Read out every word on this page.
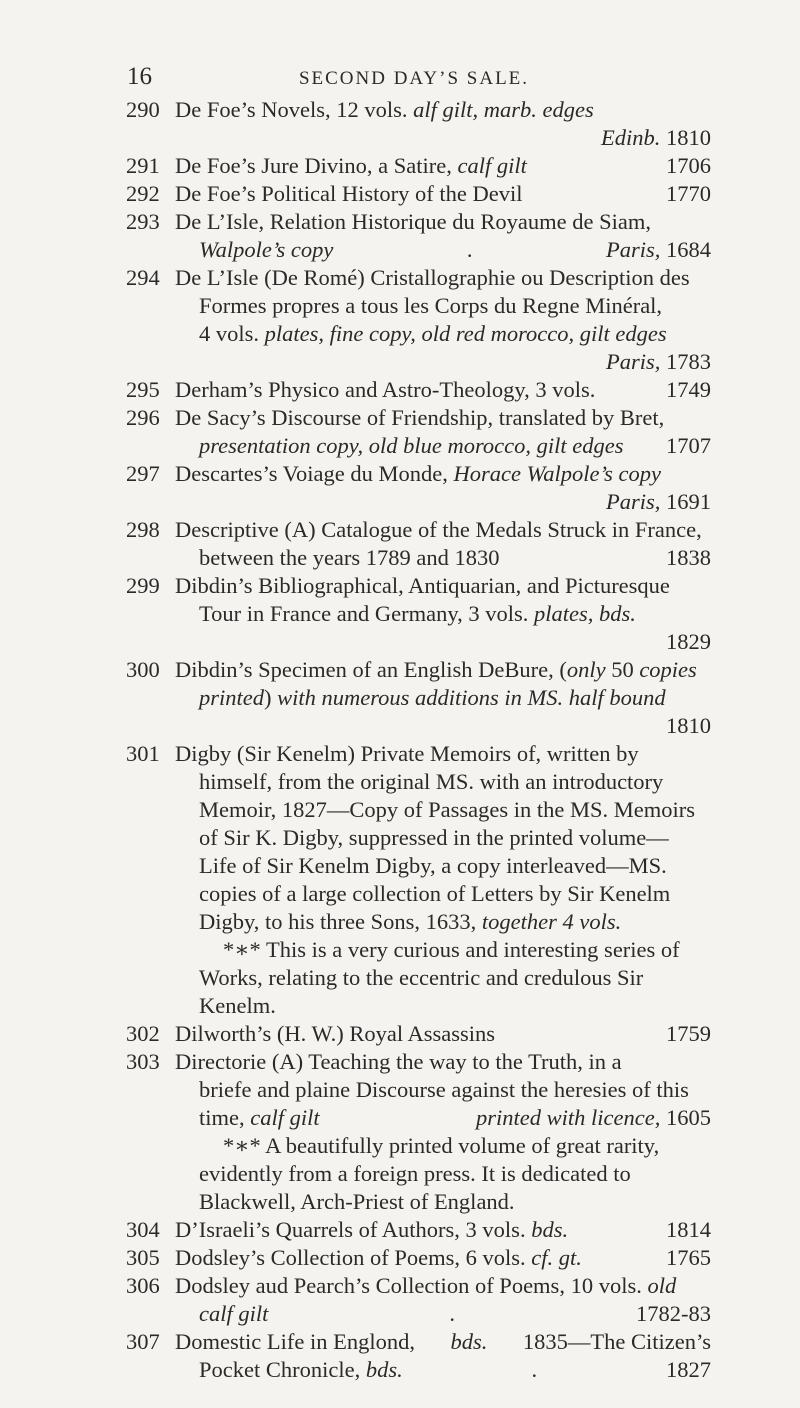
16	SECOND DAY’S SALE.
290 De Foe’s Novels, 12 vols. alf gilt, marb. edges
Edinb. 1810
291 De Foe’s Jure Divino, a Satire, calf gilt	1706
292 De Foe’s Political History of the Devil	1770
293 De L’Isle, Relation Historique du Royaume de Siam,
Walpole’s copy	.	Paris, 1684
294 De L’Isle (De Romé) Cristallographie ou Description des
Formes propres a tous les Corps du Regne Minéral,
4 vols. plates, fine copy, old red morocco, gilt edges
Paris, 1783
295 Derham’s Physico and Astro-Theology, 3 vols.	1749
296 De Sacy’s Discourse of Friendship, translated by Bret,
presentation copy, old blue morocco, gilt edges 1707
297 Descartes’s Voiage du Monde, Horace Walpole’s copy
Paris, 1691
298 Descriptive (A) Catalogue of the Medals Struck in France,
between the years 1789 and 1830	1838
299 Dibdin’s Bibliographical, Antiquarian, and Picturesque
Tour in France and Germany, 3 vols. plates, bds.
1829
300 Dibdin’s Specimen of an English DeBure, (only 50 copies
printed) with numerous additions in MS. half bound
1810
301 Digby (Sir Kenelm) Private Memoirs of, written by
himself, from the original MS. with an introductory
Memoir, 1827—Copy of Passages in the MS. Memoirs
of Sir K. Digby, suppressed in the printed volume—
Life of Sir Kenelm Digby, a copy interleaved—MS.
copies of a large collection of Letters by Sir Kenelm
Digby, to his three Sons, 1633, together 4 vols.
*∗* This is a very curious and interesting series of
Works, relating to the eccentric and credulous Sir
Kenelm.
302 Dilworth’s (H. W.) Royal Assassins	1759
303 Directorie (A) Teaching the way to the Truth, in a
briefe and plaine Discourse against the heresies of this
time, calf gilt	printed with licence, 1605
*∗* A beautifully printed volume of great rarity,
evidently from a foreign press. It is dedicated to
Blackwell, Arch-Priest of England.
304 D’Israeli’s Quarrels of Authors, 3 vols. bds.	1814
305 Dodsley’s Collection of Poems, 6 vols. cf. gt.	1765
306 Dodsley aud Pearch’s Collection of Poems, 10 vols. old
calf gilt	.	1782-83
307 Domestic Life in Englond, bds. 1835—The Citizen’s
Pocket Chronicle, bds.	.	1827
